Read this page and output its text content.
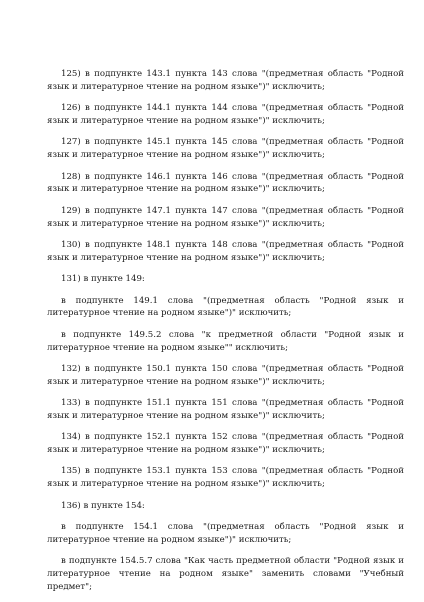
125) в подпункте 143.1 пункта 143 слова "(предметная область "Родной язык и литературное чтение на родном языке")" исключить;

126) в подпункте 144.1 пункта 144 слова "(предметная область "Родной язык и литературное чтение на родном языке")" исключить;

127) в подпункте 145.1 пункта 145 слова "(предметная область "Родной язык и литературное чтение на родном языке")" исключить;

128) в подпункте 146.1 пункта 146 слова "(предметная область "Родной язык и литературное чтение на родном языке")" исключить;

129) в подпункте 147.1 пункта 147 слова "(предметная область "Родной язык и литературное чтение на родном языке")" исключить;

130) в подпункте 148.1 пункта 148 слова "(предметная область "Родной язык и литературное чтение на родном языке")" исключить;

131) в пункте 149:

в подпункте 149.1 слова "(предметная область "Родной язык и литературное чтение на родном языке")" исключить;

в подпункте 149.5.2 слова "к предметной области "Родной язык и литературное чтение на родном языке"" исключить;

132) в подпункте 150.1 пункта 150 слова "(предметная область "Родной язык и литературное чтение на родном языке")" исключить;

133) в подпункте 151.1 пункта 151 слова "(предметная область "Родной язык и литературное чтение на родном языке")" исключить;

134) в подпункте 152.1 пункта 152 слова "(предметная область "Родной язык и литературное чтение на родном языке")" исключить;

135) в подпункте 153.1 пункта 153 слова "(предметная область "Родной язык и литературное чтение на родном языке")" исключить;

136) в пункте 154:

в подпункте 154.1 слова "(предметная область "Родной язык и литературное чтение на родном языке")" исключить;

в подпункте 154.5.7 слова "Как часть предметной области "Родной язык и литературное чтение на родном языке" заменить словами "Учебный предмет";
